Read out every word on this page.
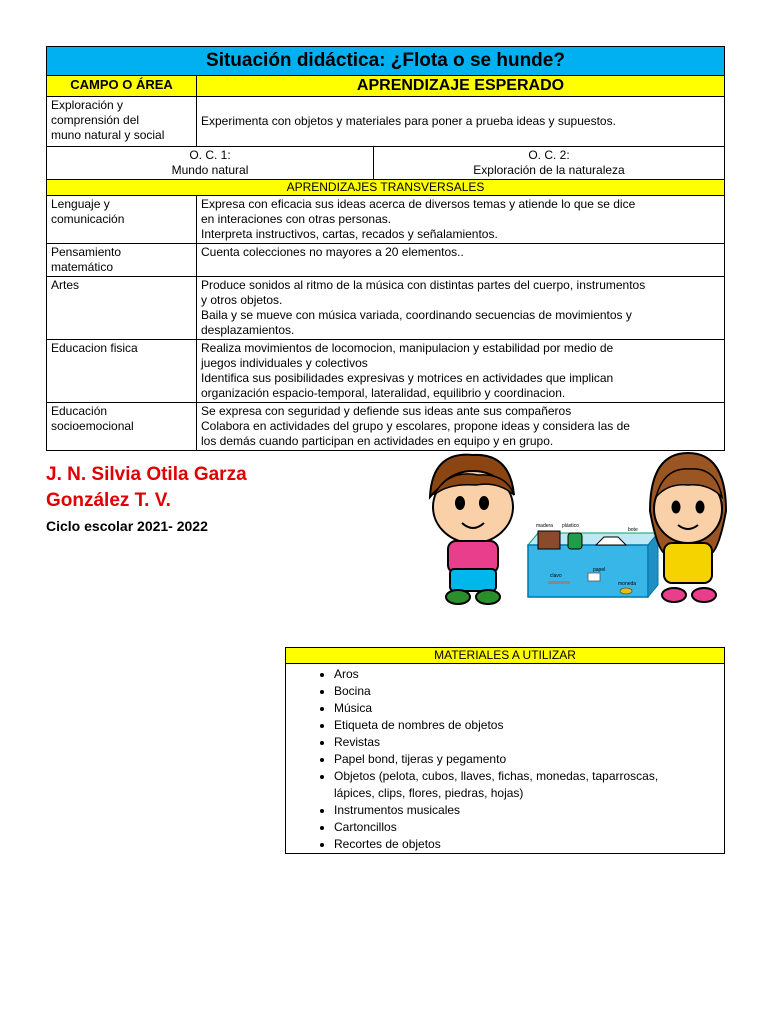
Situación didáctica: ¿Flota o se hunde?		
CAMPO O ÁREA	APRENDIZAJE ESPERADO	

Exploración y
comprensión del
muno natural y social	Experimenta con objetos y materiales para poner a prueba ideas y supuestos.	

O. C. 1:
Mundo natural		O. C. 2:
Exploración de la naturaleza

APRENDIZAJES TRANSVERSALES		

Lenguaje y
comunicación	Expresa con eficacia sus ideas acerca de diversos temas y atiende lo que se dice
en interaciones con otras personas.
Interpreta instructivos, cartas, recados y señalamientos.	

Pensamiento
matemático	Cuenta colecciones no mayores a 20 elementos..	

Artes	Produce sonidos al ritmo de la música con distintas partes del cuerpo, instrumentos
y otros objetos.
Baila y se mueve con música variada, coordinando secuencias de movimientos y
desplazamientos.	

Educacion fisica	Realiza movimientos de locomocion, manipulacion y estabilidad por medio de
juegos individuales y colectivos
Identifica sus posibilidades expresivas y motrices en actividades que implican
organización espacio-temporal, lateralidad, equilibrio y coordinacion.	

Educación
socioemocional	Se expresa con seguridad y defiende sus ideas ante sus compañeros
Colabora en actividades del grupo y escolares, propone ideas y considera las de
los demás cuando participan en actividades en equipo y en grupo.	
J. N. Silvia Otila Garza
González T. V.
Ciclo escolar 2021- 2022	madera plástico
bote
clavo
papel
moneda
MATERIALES A UTILIZAR
• Aros
• Bocina
• Música
• Etiqueta de nombres de objetos
• Revistas
• Papel bond, tijeras y pegamento
• Objetos (pelota, cubos, llaves, fichas, monedas, taparroscas,
lápices, clips, flores, piedras, hojas)
• Instrumentos musicales
• Cartoncillos
• Recortes de objetos
